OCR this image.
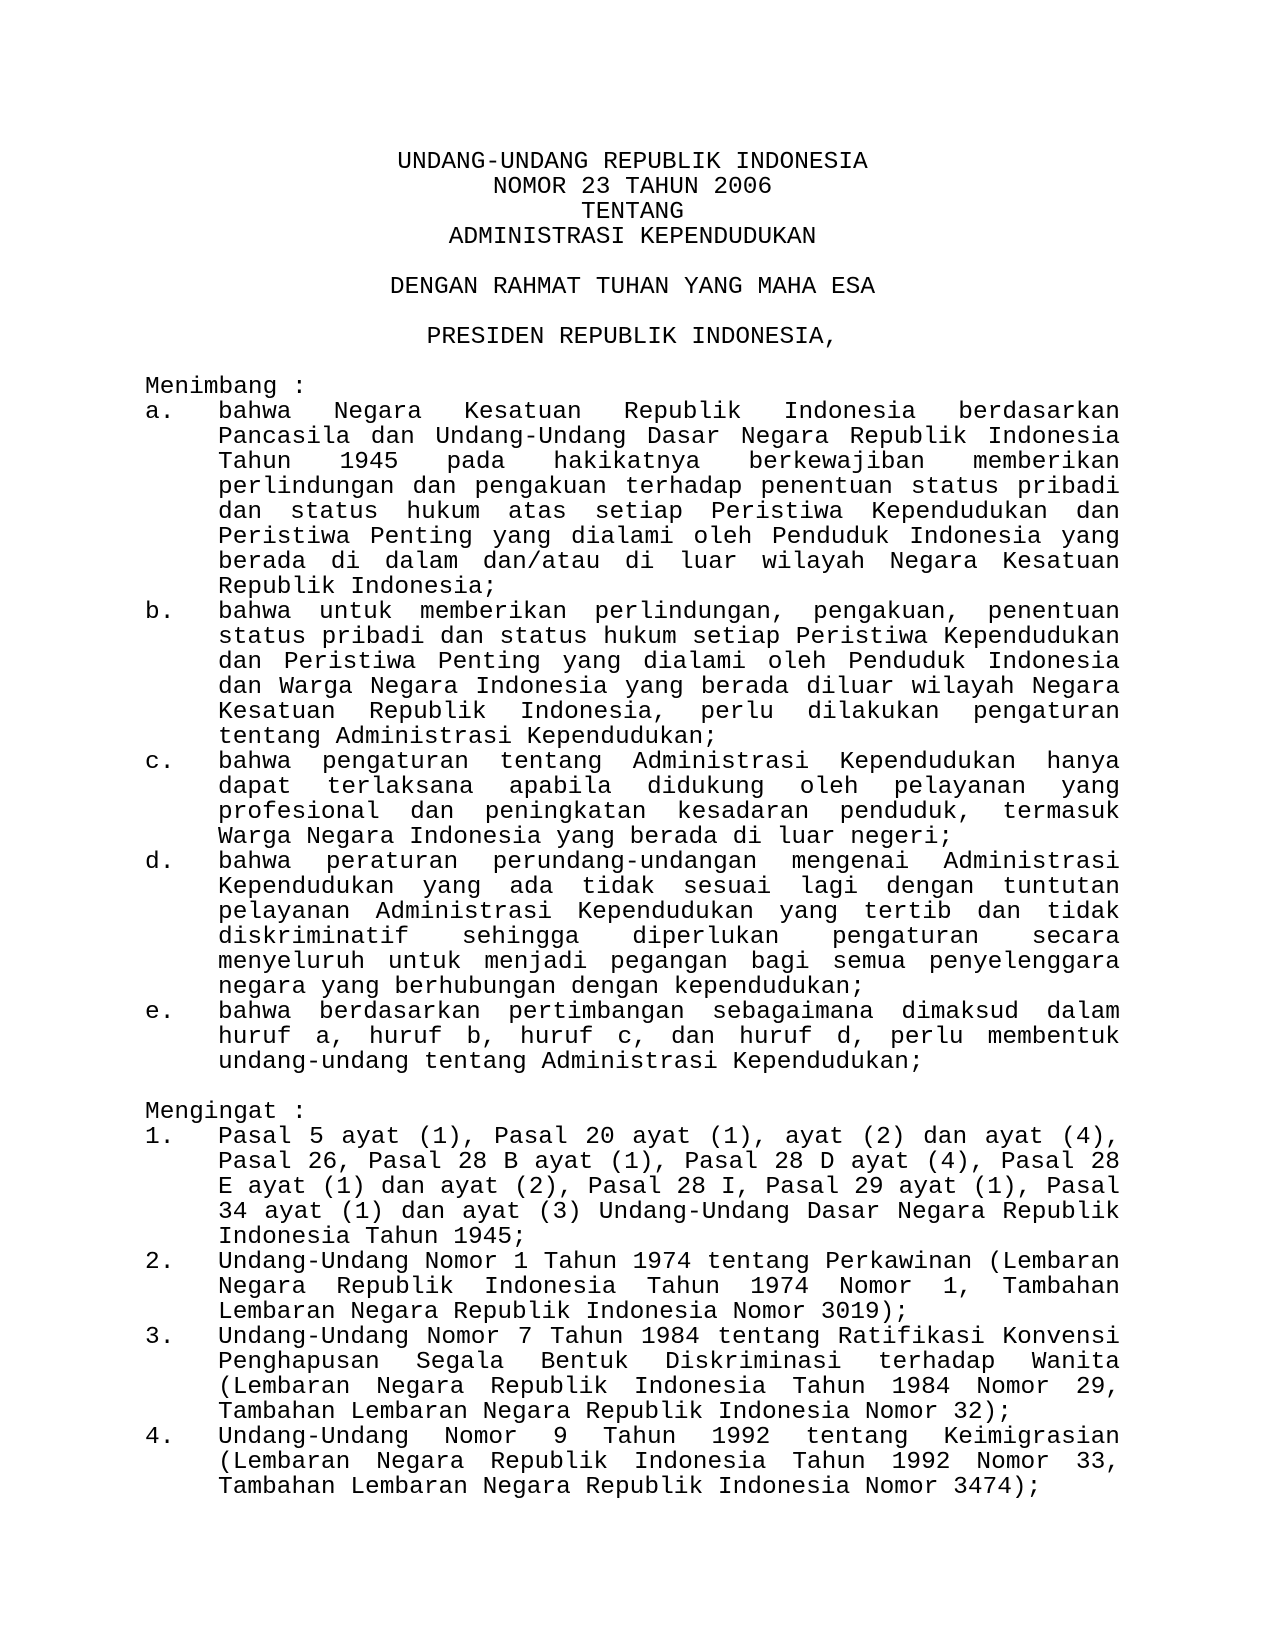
UNDANG-UNDANG REPUBLIK INDONESIA
NOMOR 23 TAHUN 2006
TENTANG
ADMINISTRASI KEPENDUDUKAN
DENGAN RAHMAT TUHAN YANG MAHA ESA
PRESIDEN REPUBLIK INDONESIA,
Menimbang :
a. bahwa Negara Kesatuan Republik Indonesia berdasarkan Pancasila dan Undang-Undang Dasar Negara Republik Indonesia Tahun 1945 pada hakikatnya berkewajiban memberikan perlindungan dan pengakuan terhadap penentuan status pribadi dan status hukum atas setiap Peristiwa Kependudukan dan Peristiwa Penting yang dialami oleh Penduduk Indonesia yang berada di dalam dan/atau di luar wilayah Negara Kesatuan Republik Indonesia;
b. bahwa untuk memberikan perlindungan, pengakuan, penentuan status pribadi dan status hukum setiap Peristiwa Kependudukan dan Peristiwa Penting yang dialami oleh Penduduk Indonesia dan Warga Negara Indonesia yang berada diluar wilayah Negara Kesatuan Republik Indonesia, perlu dilakukan pengaturan tentang Administrasi Kependudukan;
c. bahwa pengaturan tentang Administrasi Kependudukan hanya dapat terlaksana apabila didukung oleh pelayanan yang profesional dan peningkatan kesadaran penduduk, termasuk Warga Negara Indonesia yang berada di luar negeri;
d. bahwa peraturan perundang-undangan mengenai Administrasi Kependudukan yang ada tidak sesuai lagi dengan tuntutan pelayanan Administrasi Kependudukan yang tertib dan tidak diskriminatif sehingga diperlukan pengaturan secara menyeluruh untuk menjadi pegangan bagi semua penyelenggara negara yang berhubungan dengan kependudukan;
e. bahwa berdasarkan pertimbangan sebagaimana dimaksud dalam huruf a, huruf b, huruf c, dan huruf d, perlu membentuk undang-undang tentang Administrasi Kependudukan;
Mengingat :
1. Pasal 5 ayat (1), Pasal 20 ayat (1), ayat (2) dan ayat (4), Pasal 26, Pasal 28 B ayat (1), Pasal 28 D ayat (4), Pasal 28 E ayat (1) dan ayat (2), Pasal 28 I, Pasal 29 ayat (1), Pasal 34 ayat (1) dan ayat (3) Undang-Undang Dasar Negara Republik Indonesia Tahun 1945;
2. Undang-Undang Nomor 1 Tahun 1974 tentang Perkawinan (Lembaran Negara Republik Indonesia Tahun 1974 Nomor 1, Tambahan Lembaran Negara Republik Indonesia Nomor 3019);
3. Undang-Undang Nomor 7 Tahun 1984 tentang Ratifikasi Konvensi Penghapusan Segala Bentuk Diskriminasi terhadap Wanita (Lembaran Negara Republik Indonesia Tahun 1984 Nomor 29, Tambahan Lembaran Negara Republik Indonesia Nomor 32);
4. Undang-Undang Nomor 9 Tahun 1992 tentang Keimigrasian (Lembaran Negara Republik Indonesia Tahun 1992 Nomor 33, Tambahan Lembaran Negara Republik Indonesia Nomor 3474);
